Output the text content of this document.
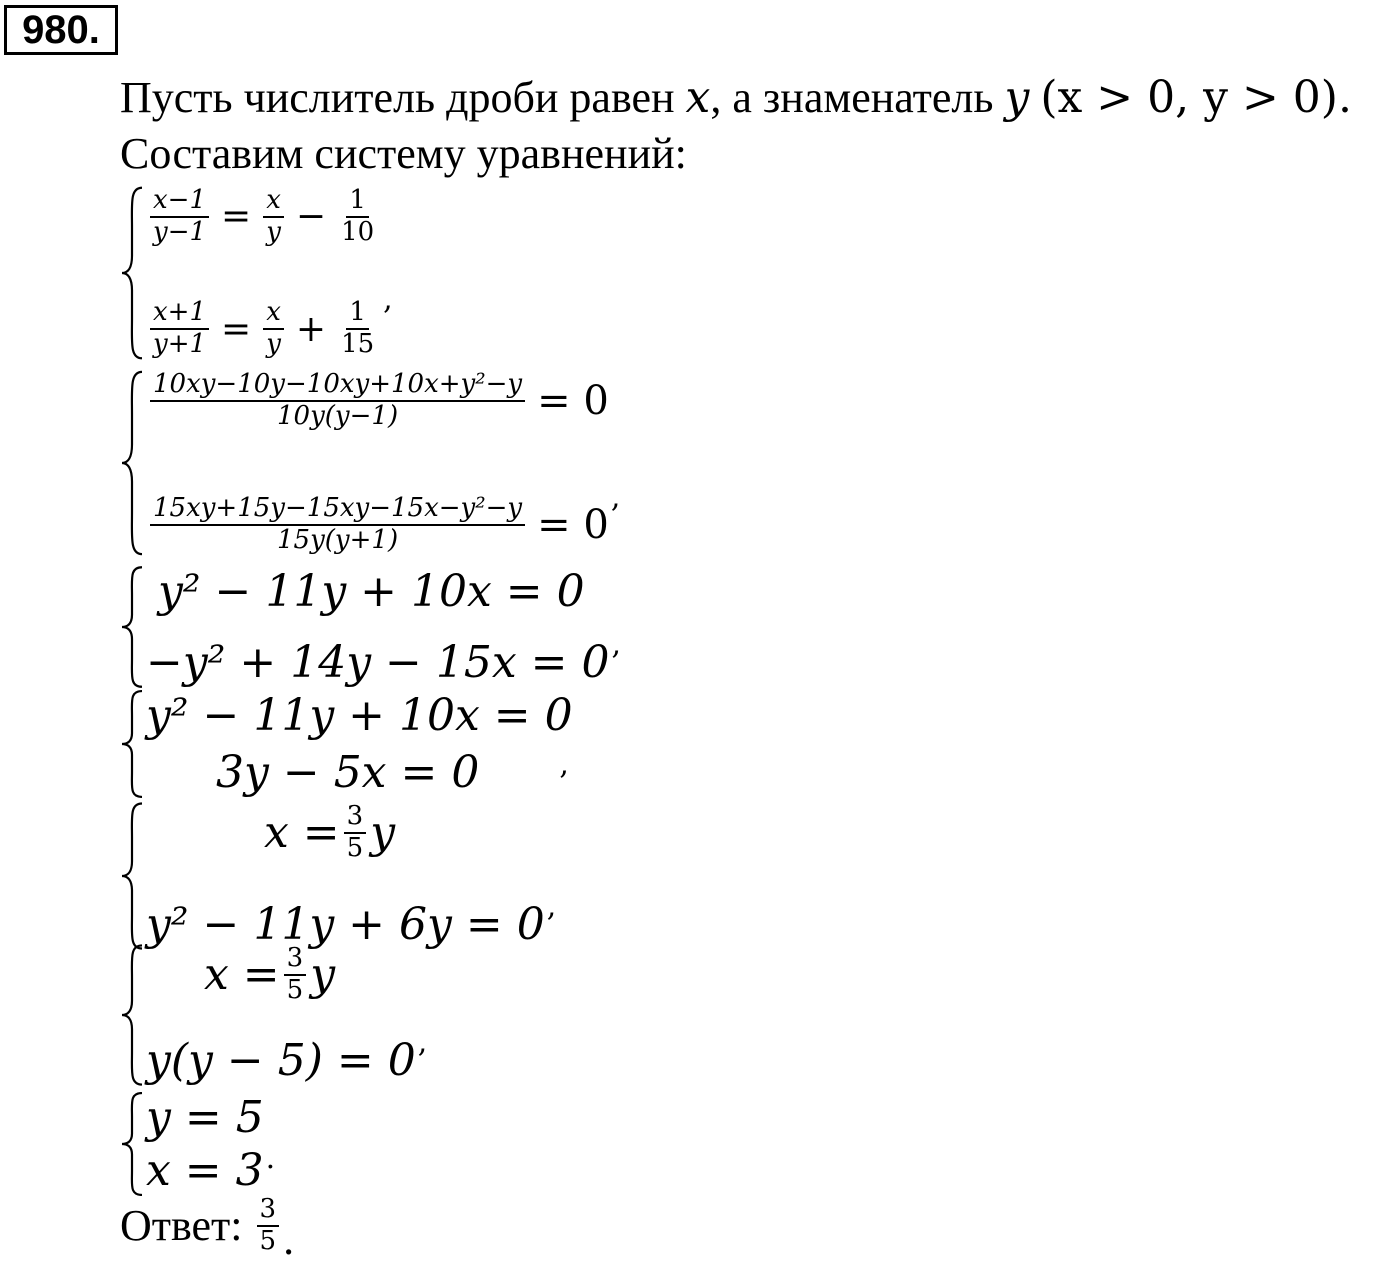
980.
Пусть числитель дроби равен x, а знаменатель y (x > 0, y > 0).
Составим систему уравнений:
$\frac{x-1}{y-1} = \frac{x}{y} - \frac{1}{10}$
$\frac{x+1}{y+1} = \frac{x}{y} + \frac{1}{15}$ ,
$\frac{\text{10xy−10y−10xy+10x+y²−y}}{10y(y-1)} = 0$
$\frac{\text{15xy+15y−15xy−15x−y²−y}}{15y(y+1)} = 0$
,
y² − 11y + 10x = 0
−y² + 14y − 15x = 0 ,
y² − 11y + 10x = 0
3y − 5x = 0	,
$x = \frac{3}{5}$ y
y² − 11y + 6y = 0 ,
$x = \frac{3}{5}$ y
y(y − 5) = 0 ,
y = 5
x = 3 .
Ответ: $\frac{3}{5}$ .
